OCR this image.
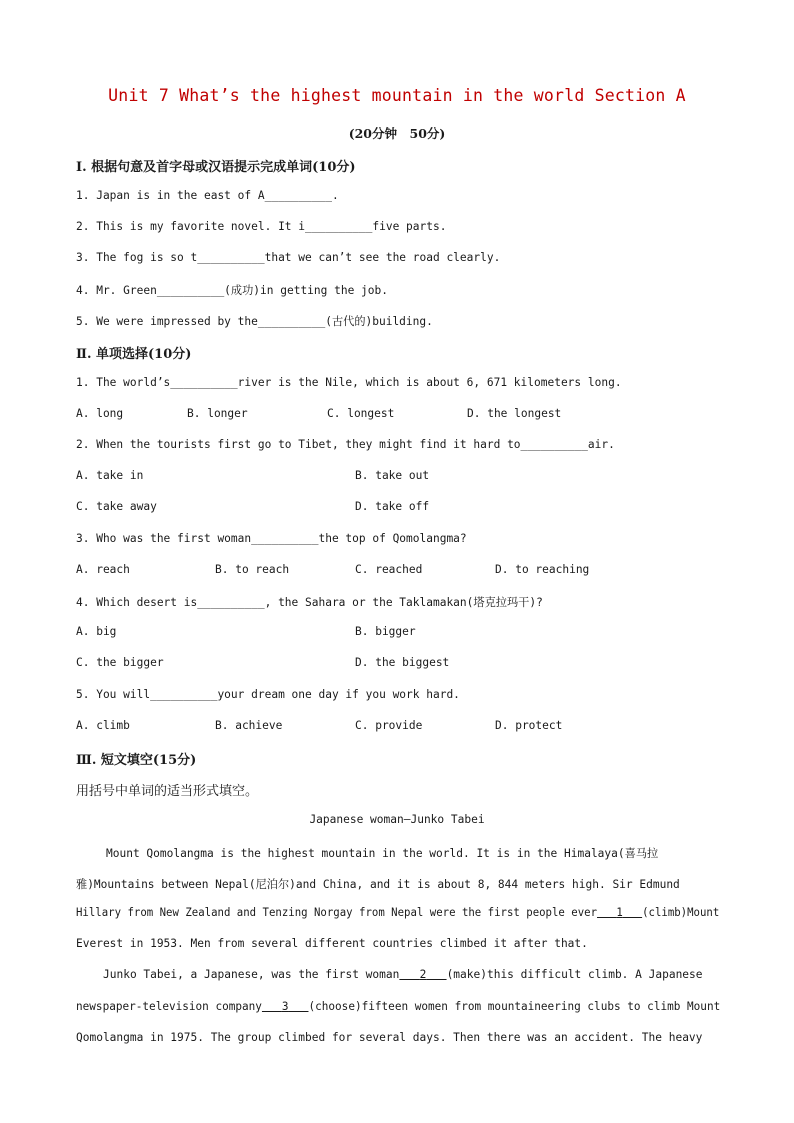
Unit 7 What’s the highest mountain in the world Section A
(20分钟　50分)
Ⅰ. 根据句意及首字母或汉语提示完成单词(10分)
1. Japan is in the east of A__________.
2. This is my favorite novel. It i__________five parts.
3. The fog is so t__________that we can’t see the road clearly.
4. Mr. Green__________(成功)in getting the job.
5. We were impressed by the__________(古代的)building.
Ⅱ. 单项选择(10分)
1. The world’s__________river is the Nile, which is about 6, 671 kilometers long.
A. long	B. longer	C. longest	D. the longest
2. When the tourists first go to Tibet, they might find it hard to__________air.
A. take in	B. take out
C. take away	D. take off
3. Who was the first woman__________the top of Qomolangma?
A. reach	B. to reach	C. reached	D. to reaching
4. Which desert is__________, the Sahara or the Taklamakan(塔克拉玛干)?
A. big	B. bigger
C. the bigger	D. the biggest
5. You will__________your dream one day if you work hard.
A. climb	B. achieve	C. provide	D. protect
Ⅲ. 短文填空(15分)
用括号中单词的适当形式填空。
Japanese woman—Junko Tabei
Mount Qomolangma is the highest mountain in the world. It is in the Himalaya(喜马拉
雅)Mountains between Nepal(尼泊尔)and China, and it is about 8, 844 meters high. Sir Edmund
Hillary from New Zealand and Tenzing Norgay from Nepal were the first people ever 1 (climb)Mount
Everest in 1953. Men from several different countries climbed it after that.
Junko Tabei, a Japanese, was the first woman 2 (make)this difficult climb. A Japanese
newspaper-television company 3 (choose)fifteen women from mountaineering clubs to climb Mount
Qomolangma in 1975. The group climbed for several days. Then there was an accident. The heavy
